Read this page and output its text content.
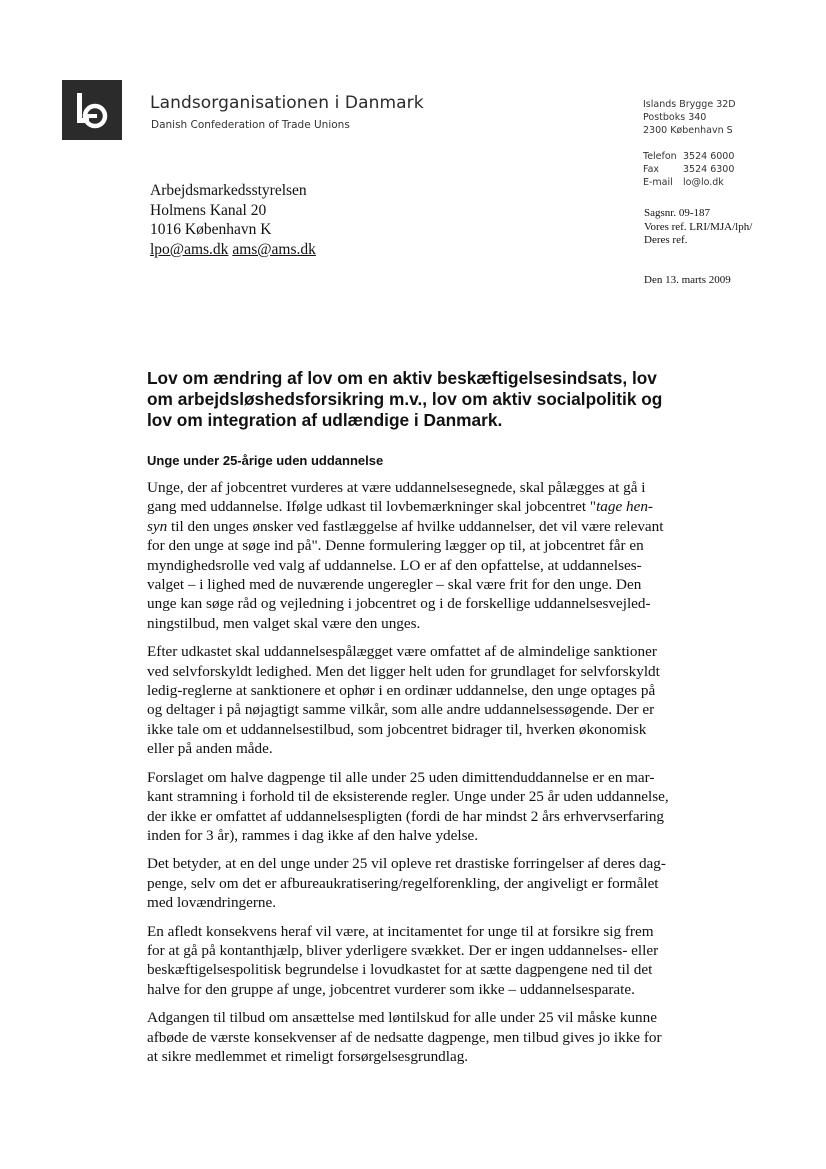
Landsorganisationen i Danmark
Danish Confederation of Trade Unions
Islands Brygge 32D
Postboks 340
2300 København S
Telefon 3524 6000
Fax	3524 6300
E-mail lo@lo.dk
Sagsnr. 09-187
Vores ref. LRI/MJA/lph/
Deres ref.
Den 13. marts 2009
Arbejdsmarkedsstyrelsen
Holmens Kanal 20
1016 København K
lpo@ams.dk ams@ams.dk
Lov om ændring af lov om en aktiv beskæftigelsesindsats, lov
om arbejdsløshedsforsikring m.v., lov om aktiv socialpolitik og
lov om integration af udlændige i Danmark.
Unge under 25-årige uden uddannelse

Unge, der af jobcentret vurderes at være uddannelsesegnede, skal pålægges at gå i
gang med uddannelse. Ifølge udkast til lovbemærkninger skal jobcentret "tage hen-
syn til den unges ønsker ved fastlæggelse af hvilke uddannelser, det vil være relevant
for den unge at søge ind på". Denne formulering lægger op til, at jobcentret får en
myndighedsrolle ved valg af uddannelse. LO er af den opfattelse, at uddannelses-
valget – i lighed med de nuværende ungeregler – skal være frit for den unge. Den
unge kan søge råd og vejledning i jobcentret og i de forskellige uddannelsesvejled-
ningstilbud, men valget skal være den unges.

Efter udkastet skal uddannelsespålægget være omfattet af de almindelige sanktioner
ved selvforskyldt ledighed. Men det ligger helt uden for grundlaget for selvforskyldt
ledig-reglerne at sanktionere et ophør i en ordinær uddannelse, den unge optages på
og deltager i på nøjagtigt samme vilkår, som alle andre uddannelsessøgende. Der er
ikke tale om et uddannelsestilbud, som jobcentret bidrager til, hverken økonomisk
eller på anden måde.

Forslaget om halve dagpenge til alle under 25 uden dimittenduddannelse er en mar-
kant stramning i forhold til de eksisterende regler. Unge under 25 år uden uddannelse,
der ikke er omfattet af uddannelsespligten (fordi de har mindst 2 års erhvervserfaring
inden for 3 år), rammes i dag ikke af den halve ydelse.

Det betyder, at en del unge under 25 vil opleve ret drastiske forringelser af deres dag-
penge, selv om det er afbureaukratisering/regelforenkling, der angiveligt er formålet
med lovændringerne.

En afledt konsekvens heraf vil være, at incitamentet for unge til at forsikre sig frem
for at gå på kontanthjælp, bliver yderligere svækket. Der er ingen uddannelses- eller
beskæftigelsespolitisk begrundelse i lovudkastet for at sætte dagpengene ned til det
halve for den gruppe af unge, jobcentret vurderer som ikke – uddannelsesparate.

Adgangen til tilbud om ansættelse med løntilskud for alle under 25 vil måske kunne
afbøde de værste konsekvenser af de nedsatte dagpenge, men tilbud gives jo ikke for
at sikre medlemmet et rimeligt forsørgelsesgrundlag.
